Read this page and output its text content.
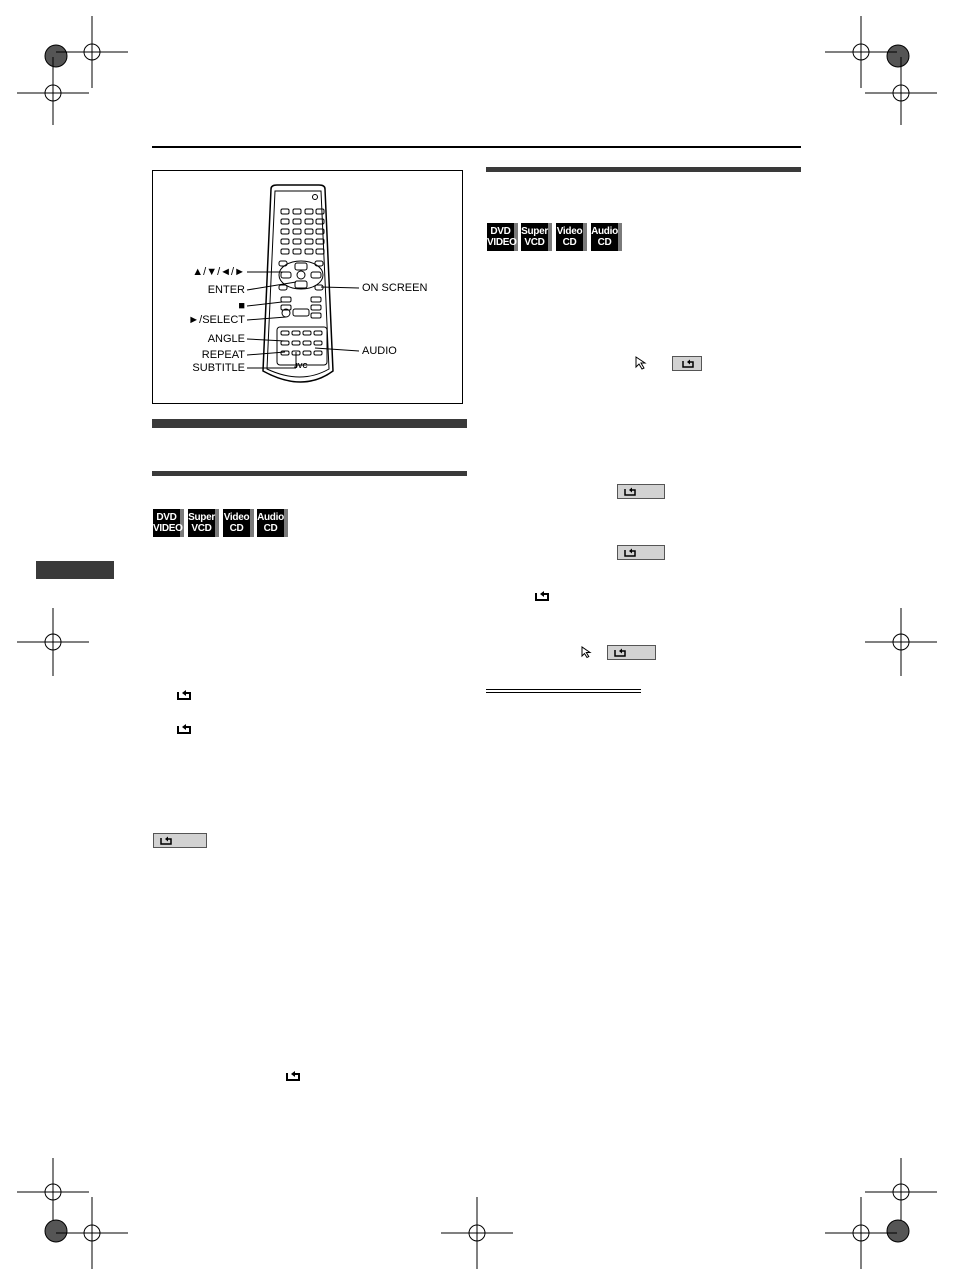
JVC
▲/▼/◄/►
ENTER
■
►/SELECT
ANGLE
REPEAT
SUBTITLE
ON SCREEN
AUDIO
DVD
VIDEO
Super
VCD
Video
CD
Audio
CD
DVD
VIDEO
Super
VCD
Video
CD
Audio
CD
